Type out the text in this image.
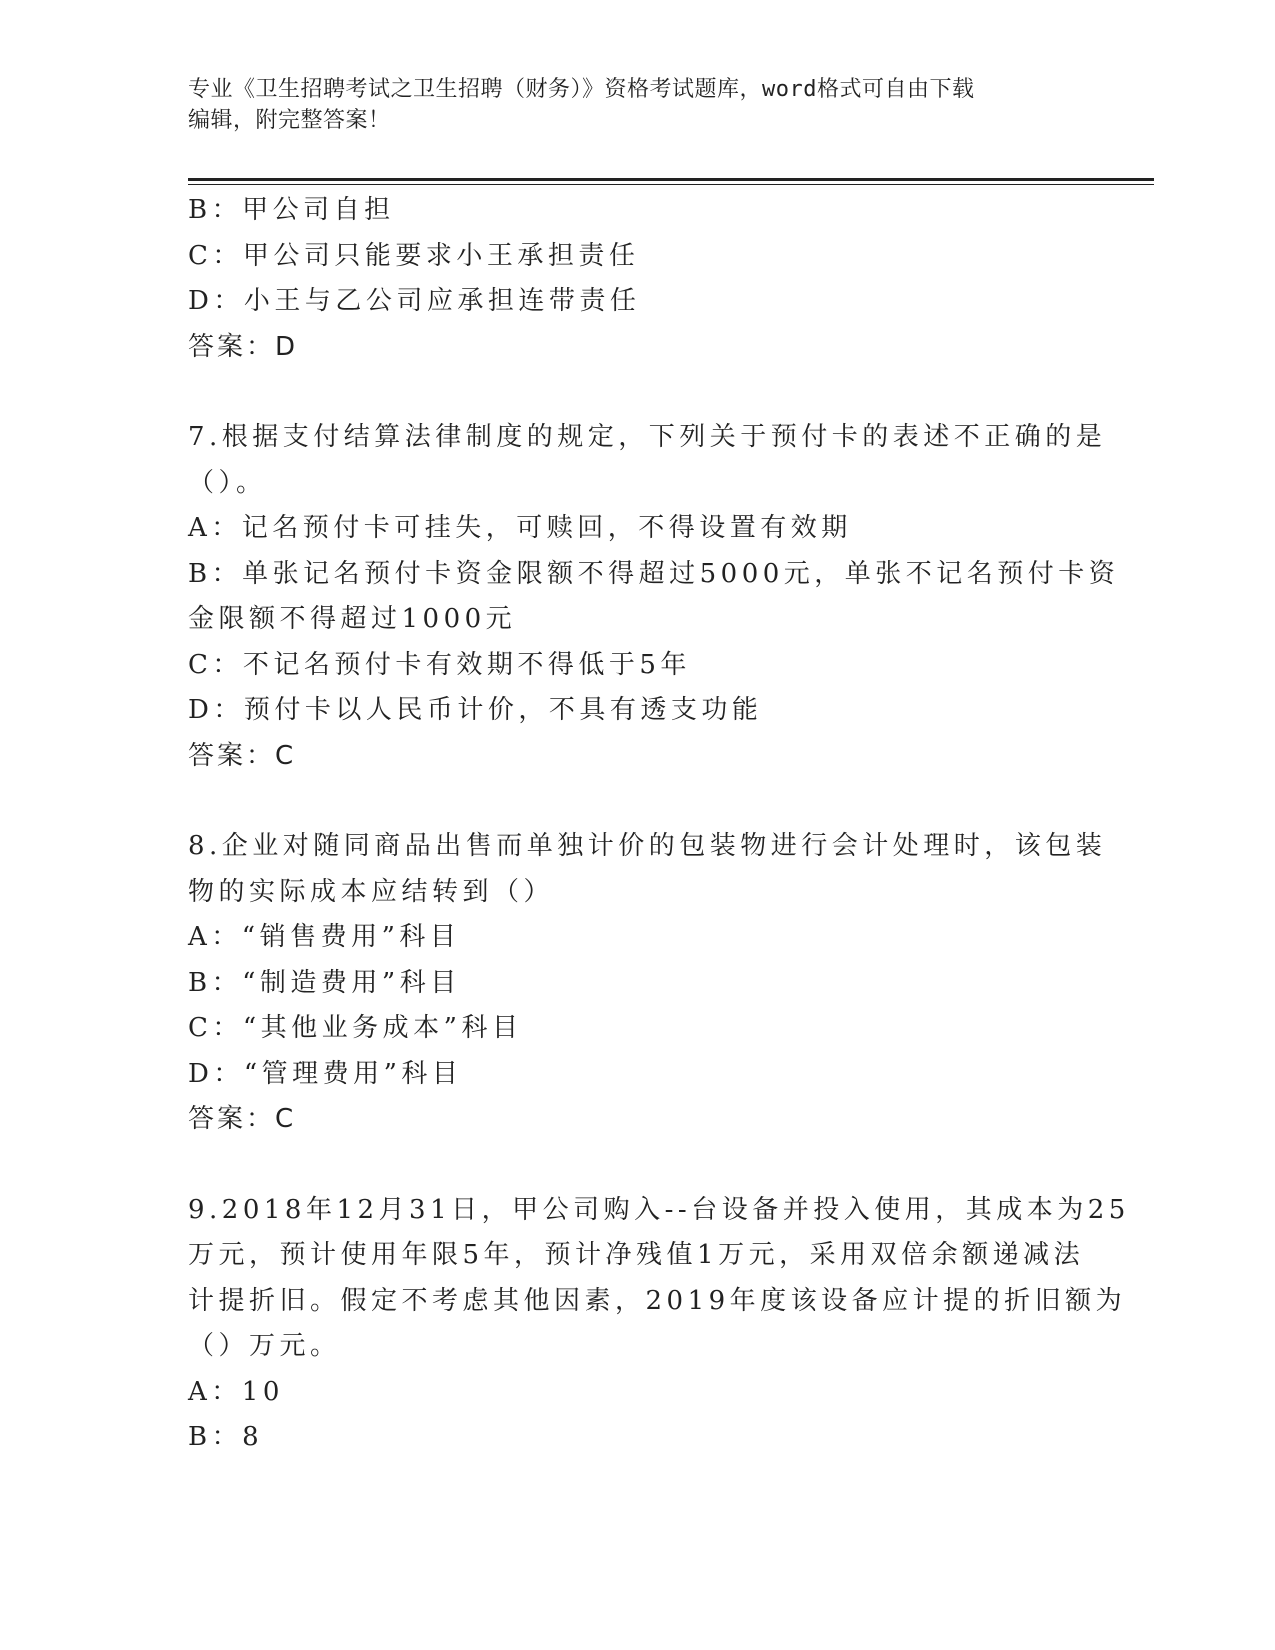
专业《卫生招聘考试之卫生招聘（财务）》资格考试题库，word格式可自由下载
编辑，附完整答案！

B：甲公司自担

C：甲公司只能要求小王承担责任

D：小王与乙公司应承担连带责任

答案：D

7.根据支付结算法律制度的规定，下列关于预付卡的表述不正确的是

（）。

A：记名预付卡可挂失，可赎回，不得设置有效期

B：单张记名预付卡资金限额不得超过5000元，单张不记名预付卡资

金限额不得超过1000元

C：不记名预付卡有效期不得低于5年

D：预付卡以人民币计价，不具有透支功能

答案：C

8.企业对随同商品出售而单独计价的包装物进行会计处理时，该包装

物的实际成本应结转到（）

A：“销售费用”科目

B：“制造费用”科目

C：“其他业务成本”科目

D：“管理费用”科目

答案：C

9.2018年12月31日，甲公司购入--台设备并投入使用，其成本为25

万元，预计使用年限5年，预计净残值1万元，采用双倍余额递减法

计提折旧。假定不考虑其他因素，2019年度该设备应计提的折旧额为

（）万元。

A：10

B：8
